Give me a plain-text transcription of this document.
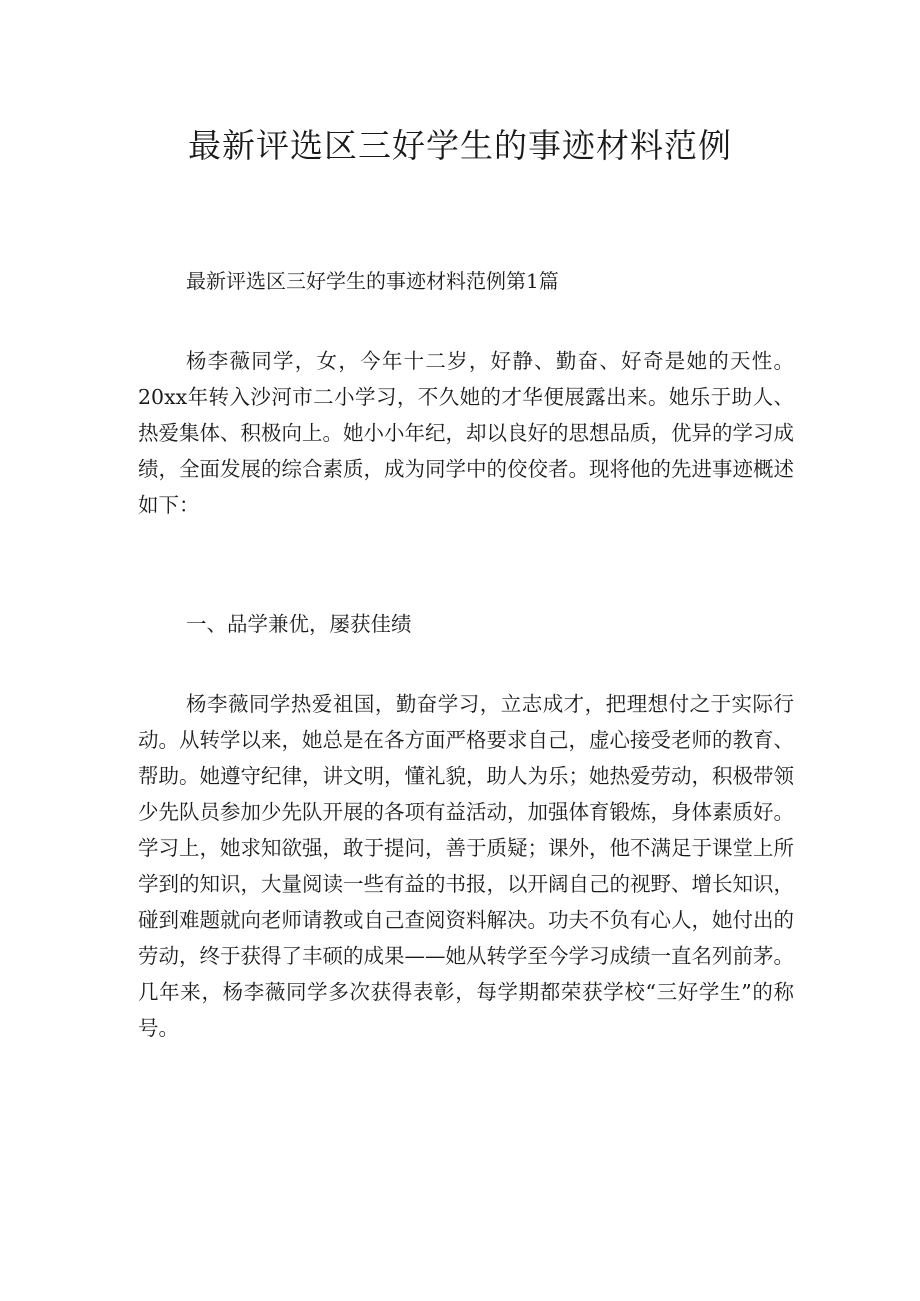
最新评选区三好学生的事迹材料范例

最新评选区三好学生的事迹材料范例第1篇

杨李薇同学，女，今年十二岁，好静、勤奋、好奇是她的天性。20xx年转入沙河市二小学习，不久她的才华便展露出来。她乐于助人、热爱集体、积极向上。她小小年纪，却以良好的思想品质，优异的学习成绩，全面发展的综合素质，成为同学中的佼佼者。现将他的先进事迹概述如下：

一、品学兼优，屡获佳绩

杨李薇同学热爱祖国，勤奋学习，立志成才，把理想付之于实际行动。从转学以来，她总是在各方面严格要求自己，虚心接受老师的教育、帮助。她遵守纪律，讲文明，懂礼貌，助人为乐；她热爱劳动，积极带领少先队员参加少先队开展的各项有益活动，加强体育锻炼，身体素质好。学习上，她求知欲强，敢于提问，善于质疑；课外，他不满足于课堂上所学到的知识，大量阅读一些有益的书报，以开阔自己的视野、增长知识，碰到难题就向老师请教或自己查阅资料解决。功夫不负有心人，她付出的劳动，终于获得了丰硕的成果——她从转学至今学习成绩一直名列前茅。几年来，杨李薇同学多次获得表彰，每学期都荣获学校“三好学生”的称号。
